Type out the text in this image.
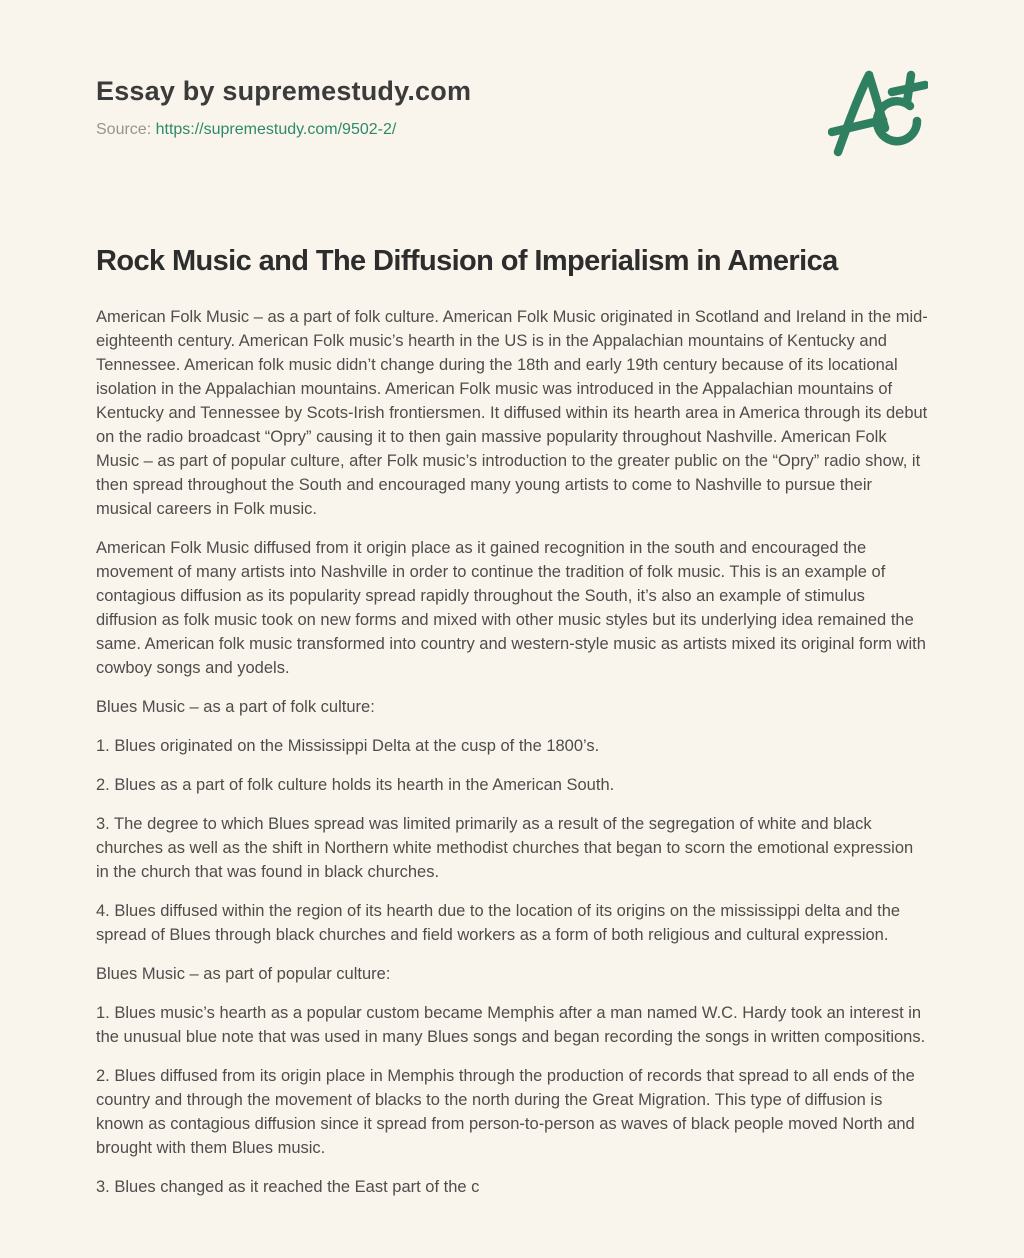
Essay by supremestudy.com

Source: https://supremestudy.com/9502-2/

Rock Music and The Diffusion of Imperialism in America

American Folk Music – as a part of folk culture. American Folk Music originated in Scotland and Ireland in the mid-eighteenth century. American Folk music’s hearth in the US is in the Appalachian mountains of Kentucky and Tennessee. American folk music didn’t change during the 18th and early 19th century because of its locational isolation in the Appalachian mountains. American Folk music was introduced in the Appalachian mountains of Kentucky and Tennessee by Scots-Irish frontiersmen. It diffused within its hearth area in America through its debut on the radio broadcast “Opry” causing it to then gain massive popularity throughout Nashville. American Folk Music – as part of popular culture, after Folk music’s introduction to the greater public on the “Opry” radio show, it then spread throughout the South and encouraged many young artists to come to Nashville to pursue their musical careers in Folk music.

American Folk Music diffused from it origin place as it gained recognition in the south and encouraged the movement of many artists into Nashville in order to continue the tradition of folk music. This is an example of contagious diffusion as its popularity spread rapidly throughout the South, it’s also an example of stimulus diffusion as folk music took on new forms and mixed with other music styles but its underlying idea remained the same. American folk music transformed into country and western-style music as artists mixed its original form with cowboy songs and yodels.

Blues Music – as a part of folk culture:

1. Blues originated on the Mississippi Delta at the cusp of the 1800’s.

2. Blues as a part of folk culture holds its hearth in the American South.

3. The degree to which Blues spread was limited primarily as a result of the segregation of white and black churches as well as the shift in Northern white methodist churches that began to scorn the emotional expression in the church that was found in black churches.

4. Blues diffused within the region of its hearth due to the location of its origins on the mississippi delta and the spread of Blues through black churches and field workers as a form of both religious and cultural expression.

Blues Music – as part of popular culture:

1. Blues music’s hearth as a popular custom became Memphis after a man named W.C. Hardy took an interest in the unusual blue note that was used in many Blues songs and began recording the songs in written compositions.

2. Blues diffused from its origin place in Memphis through the production of records that spread to all ends of the country and through the movement of blacks to the north during the Great Migration. This type of diffusion is known as contagious diffusion since it spread from person-to-person as waves of black people moved North and brought with them Blues music.

3. Blues changed as it reached the East part of the c
